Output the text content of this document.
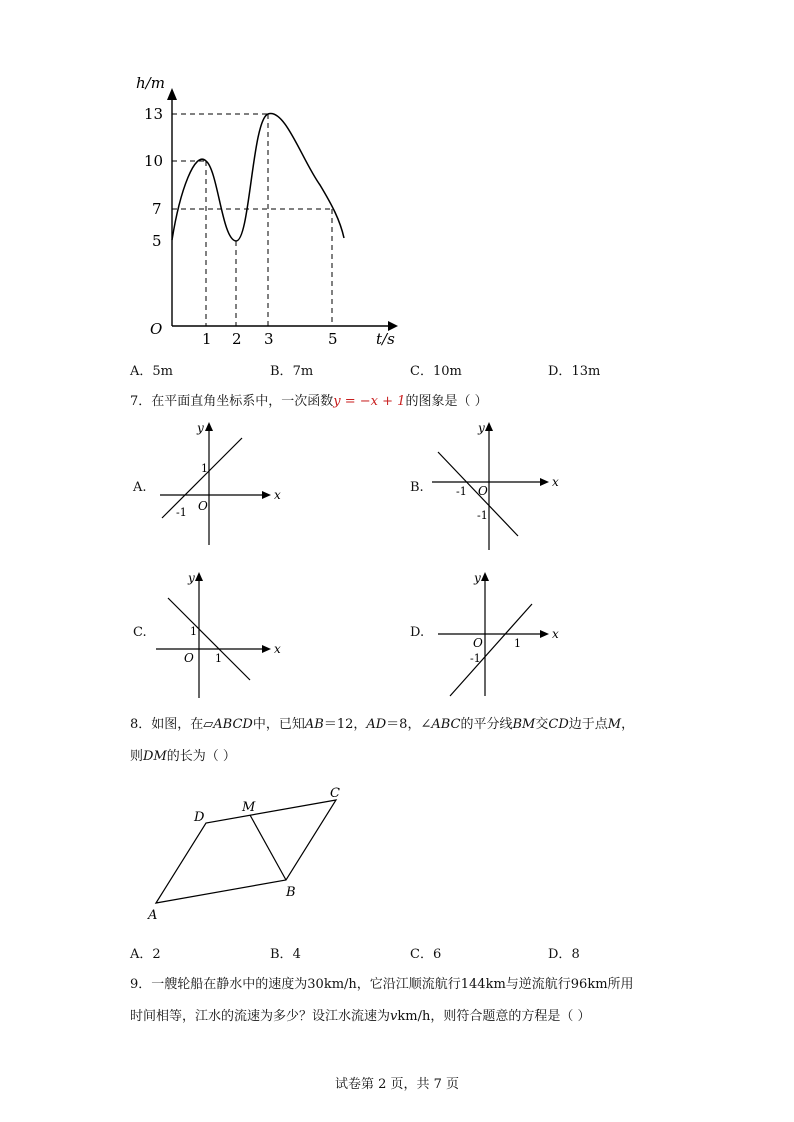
h/m
t/s
O
13
10
7
5
1 2 3	5
A．5m	B．7m	C．10m	D．13m
7．在平面直角坐标系中，一次函数y = −x + 1的图象是（ ）
A.	x
y
O
1
-1
B.	x
y
O
-1
-1
C.
x
y
O
1
1
D.	x
y
O	1
-1
8．如图，在▱ABCD中，已知AB＝12，AD＝8，∠ABC的平分线BM交CD边于点M，
则DM的长为（ ）
A
B
C
D
M
A．2	B．4	C．6	D．8
9．一艘轮船在静水中的速度为30km/h，它沿江顺流航行144km与逆流航行96km所用
时间相等，江水的流速为多少？设江水流速为vkm/h，则符合题意的方程是（ ）
试卷第 2 页，共 7 页
